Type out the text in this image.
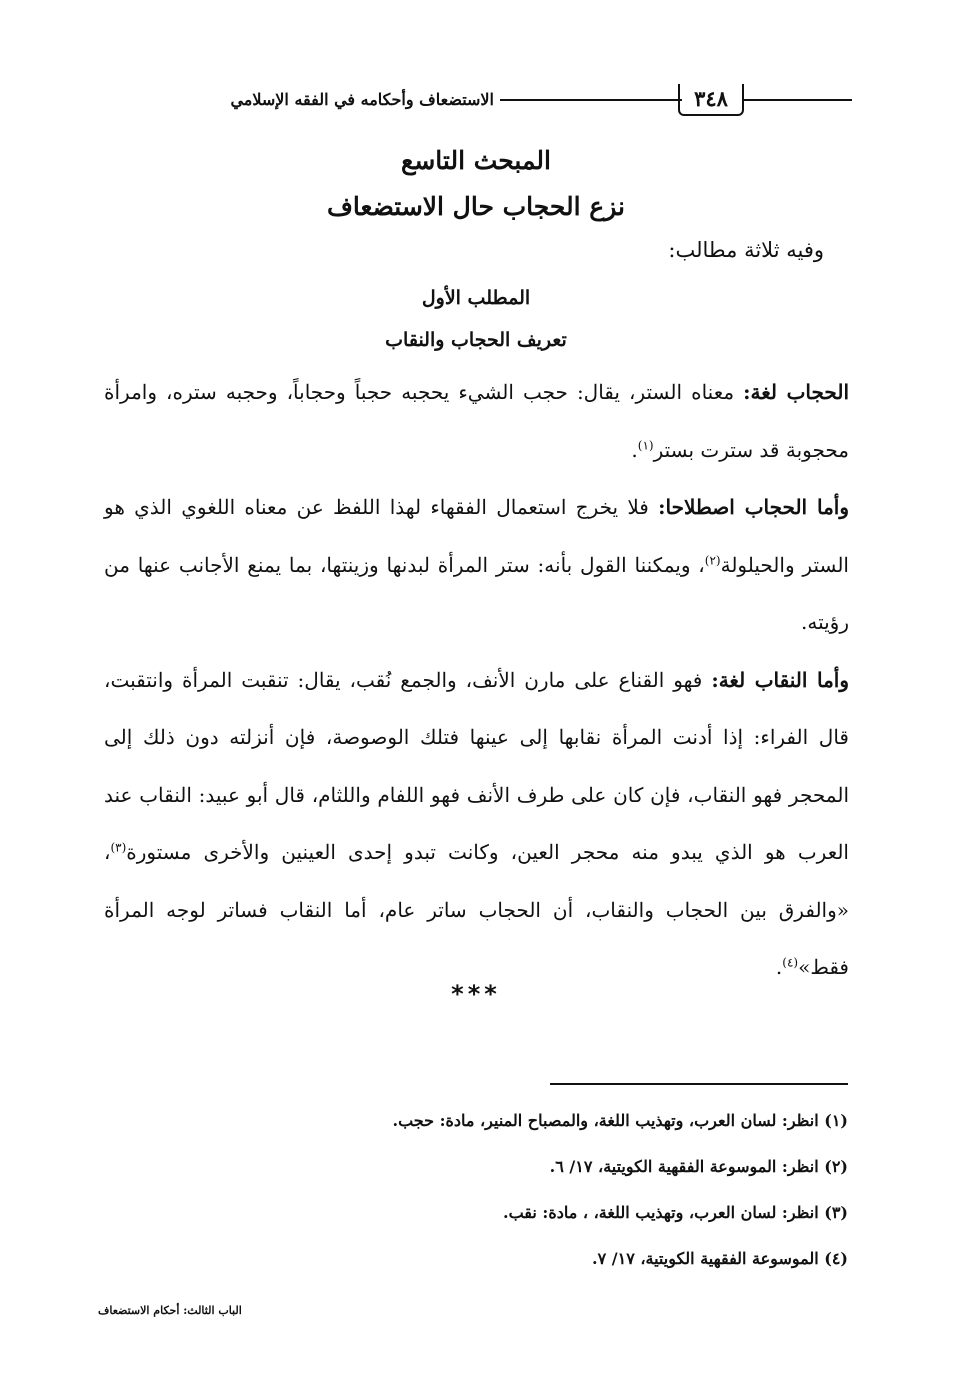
٣٤٨
الاستضعاف وأحكامه في الفقه الإسلامي
المبحث التاسع
نزع الحجاب حال الاستضعاف
وفيه ثلاثة مطالب:
المطلب الأول
تعريف الحجاب والنقاب

الحجاب لغة: معناه الستر، يقال: حجب الشيء يحجبه حجباً وحجاباً، وحجبه ستره، وامرأة محجوبة قد سترت بستر$^{(١)}$.

وأما الحجاب اصطلاحا: فلا يخرج استعمال الفقهاء لهذا اللفظ عن معناه اللغوي الذي هو الستر والحيلولة$^{(٢)}$، ويمكننا القول بأنه: ستر المرأة لبدنها وزينتها، بما يمنع الأجانب عنها من رؤيته.

وأما النقاب لغة: فهو القناع على مارن الأنف، والجمع نُقب، يقال: تنقبت المرأة وانتقبت، قال الفراء: إذا أدنت المرأة نقابها إلى عينها فتلك الوصوصة، فإن أنزلته دون ذلك إلى المحجر فهو النقاب، فإن كان على طرف الأنف فهو اللفام واللثام، قال أبو عبيد: النقاب عند العرب هو الذي يبدو منه محجر العين، وكانت تبدو إحدى العينين والأخرى مستورة$^{(٣)}$، «والفرق بين الحجاب والنقاب، أن الحجاب ساتر عام، أما النقاب فساتر لوجه المرأة فقط»$^{(٤)}$.

***
(١) انظر: لسان العرب، وتهذيب اللغة، والمصباح المنير، مادة: حجب.
(٢) انظر: الموسوعة الفقهية الكويتية، ١٧/ ٦.
(٣) انظر: لسان العرب، وتهذيب اللغة، ، مادة: نقب.
(٤) الموسوعة الفقهية الكويتية، ١٧/ ٧.
الباب الثالث: أحكام الاستضعاف
